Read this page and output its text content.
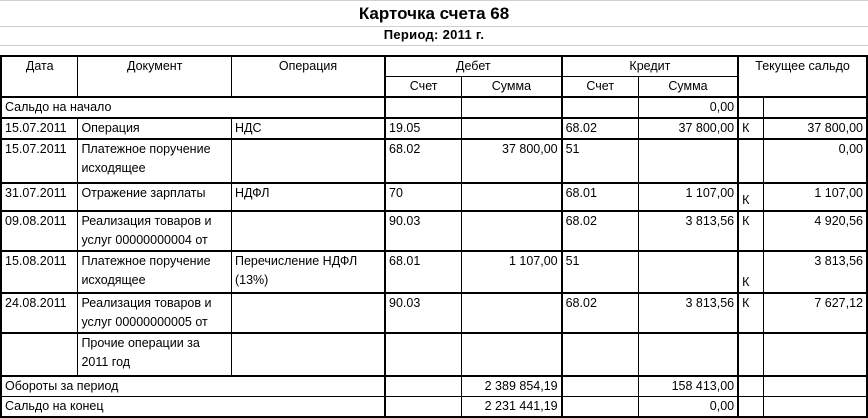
Карточка счета 68
Период: 2011 г.
Дата	Документ	Операция	Дебет		Кредит		Текущее сальдо	
			Счет	Сумма	Счет	Сумма		
Сальдо на начало						0,00		
15.07.2011	Операция	НДС	19.05		68.02	37 800,00	К	37 800,00
15.07.2011	Платежное поручение исходящее		68.02	37 800,00	51			0,00
31.07.2011	Отражение зарплаты	НДФЛ	70		68.01	1 107,00	К	1 107,00
09.08.2011	Реализация товаров и услуг 00000000004 от		90.03		68.02	3 813,56	К	4 920,56
15.08.2011	Платежное поручение исходящее	Перечисление НДФЛ (13%)	68.01	1 107,00	51		К	3 813,56
24.08.2011	Реализация товаров и услуг 00000000005 от		90.03		68.02	3 813,56	К	7 627,12
	Прочие операции за 2011 год							
Обороты за период				2 389 854,19		158 413,00		
Сальдо на конец				2 231 441,19		0,00		
